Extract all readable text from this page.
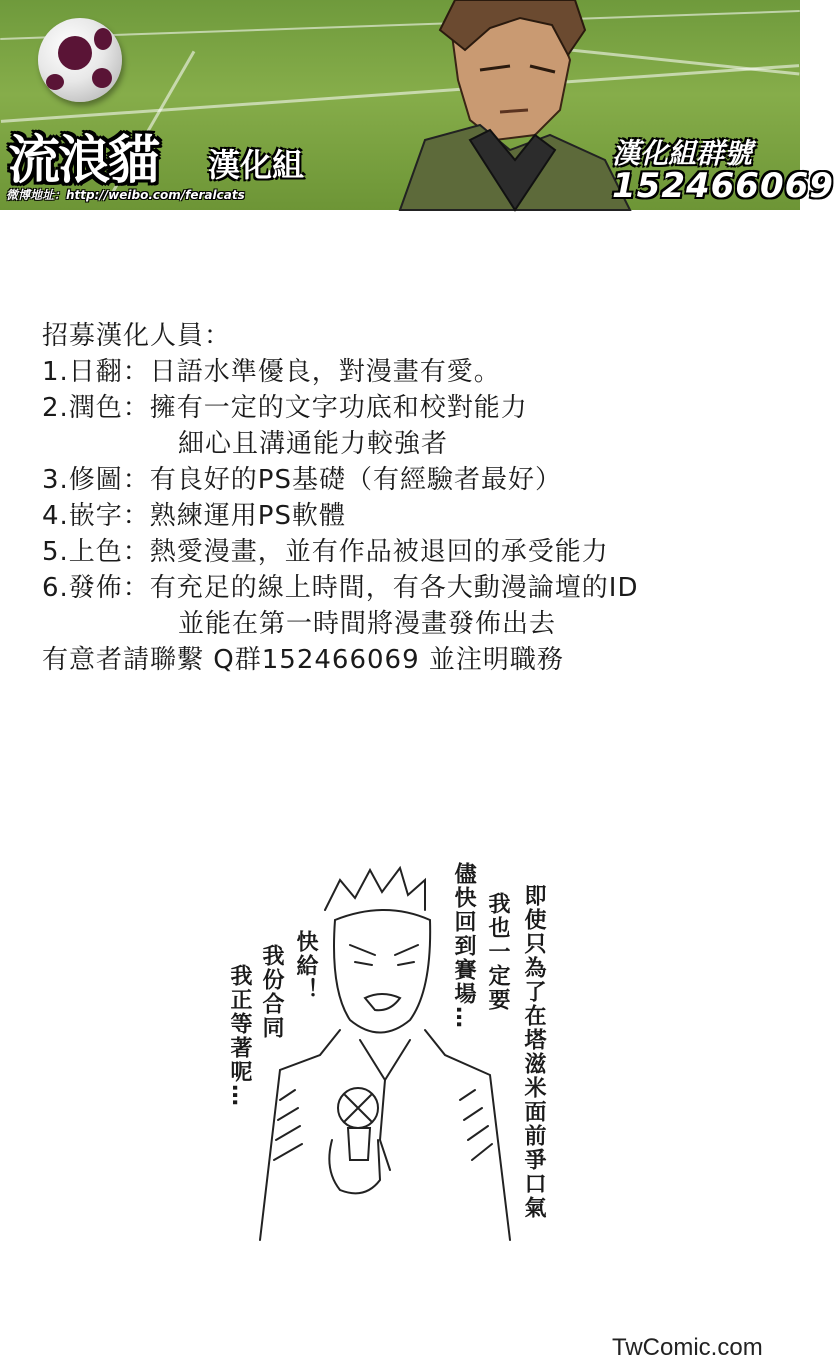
流浪貓 漢化組
微博地址：http://weibo.com/feralcats
漢化組群號
152466069
招募漢化人員：
1.日翻：日語水準優良，對漫畫有愛。
2.潤色：擁有一定的文字功底和校對能力
細心且溝通能力較強者
3.修圖：有良好的PS基礎（有經驗者最好）
4.嵌字：熟練運用PS軟體
5.上色：熱愛漫畫，並有作品被退回的承受能力
6.發佈：有充足的線上時間，有各大動漫論壇的ID
並能在第一時間將漫畫發佈出去
有意者請聯繫 Q群152466069 並注明職務
即使只為了在塔滋米面前爭口氣
我也一定要
儘快回到賽場…
快給！
我份合同
我正等著呢…
TwComic.com
